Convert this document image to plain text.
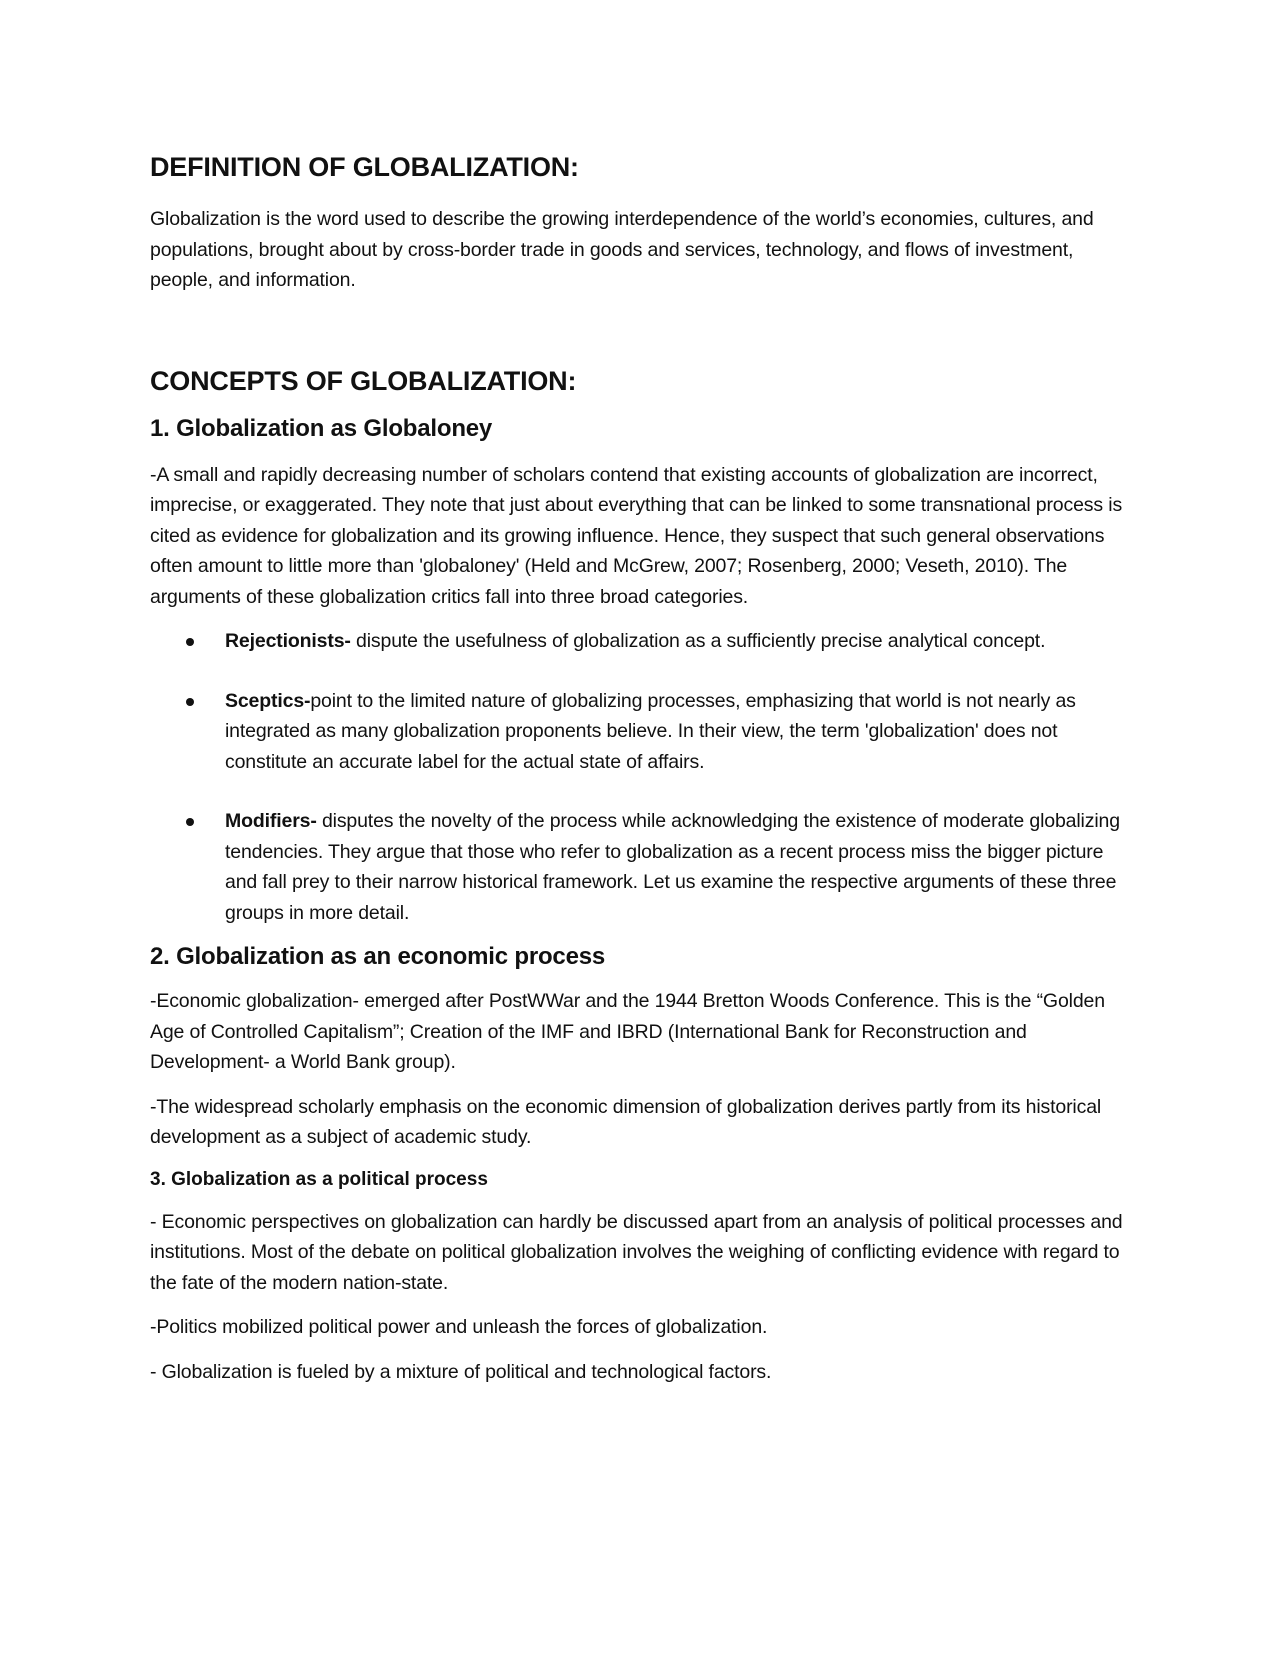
DEFINITION OF GLOBALIZATION:

Globalization is the word used to describe the growing interdependence of the world’s economies, cultures, and populations, brought about by cross-border trade in goods and services, technology, and flows of investment, people, and information.

CONCEPTS OF GLOBALIZATION:
1. Globalization as Globaloney

-A small and rapidly decreasing number of scholars contend that existing accounts of globalization are incorrect, imprecise, or exaggerated. They note that just about everything that can be linked to some transnational process is cited as evidence for globalization and its growing influence. Hence, they suspect that such general observations often amount to little more than 'globaloney' (Held and McGrew, 2007; Rosenberg, 2000; Veseth, 2010). The arguments of these globalization critics fall into three broad categories.

Rejectionists- dispute the usefulness of globalization as a sufficiently precise analytical concept.
Sceptics-point to the limited nature of globalizing processes, emphasizing that world is not nearly as integrated as many globalization proponents believe. In their view, the term 'globalization' does not constitute an accurate label for the actual state of affairs.
Modifiers- disputes the novelty of the process while acknowledging the existence of moderate globalizing tendencies. They argue that those who refer to globalization as a recent process miss the bigger picture and fall prey to their narrow historical framework. Let us examine the respective arguments of these three groups in more detail.
2. Globalization as an economic process

-Economic globalization- emerged after PostWWar and the 1944 Bretton Woods Conference. This is the “Golden Age of Controlled Capitalism”; Creation of the IMF and IBRD (International Bank for Reconstruction and Development- a World Bank group).

-The widespread scholarly emphasis on the economic dimension of globalization derives partly from its historical development as a subject of academic study.

3. Globalization as a political process

- Economic perspectives on globalization can hardly be discussed apart from an analysis of political processes and institutions. Most of the debate on political globalization involves the weighing of conflicting evidence with regard to the fate of the modern nation-state.

-Politics mobilized political power and unleash the forces of globalization.

- Globalization is fueled by a mixture of political and technological factors.
